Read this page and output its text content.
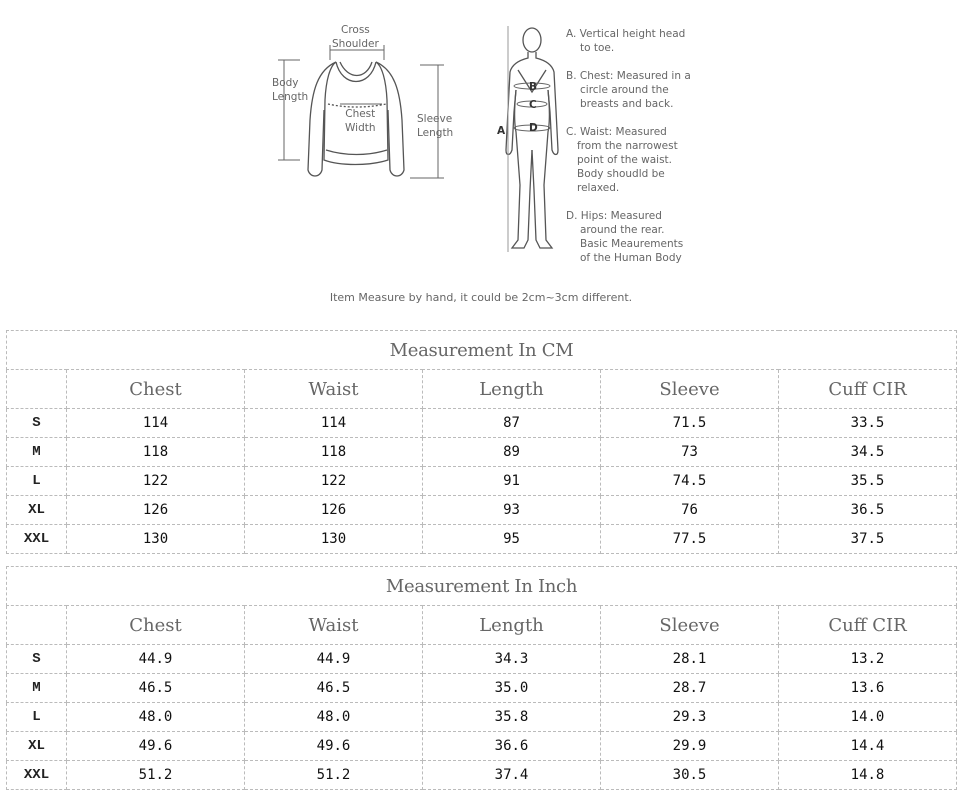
Cross
Shoulder
Body
Length
Chest
Width
Sleeve
Length	A
B
C
D
A. Vertical height head
to toe.
B. Chest: Measured in a
circle around the
breasts and back.
C. Waist: Measured
from the narrowest
point of the waist.
Body shoudld be
relaxed.
D. Hips: Measured
around the rear.
Basic Meaurements
of the Human Body
Item Measure by hand, it could be 2cm~3cm different.
Measurement In CM					
	Chest	Waist	Length	Sleeve	Cuff CIR
S	114	114	87	71.5	33.5
M	118	118	89	73	34.5
L	122	122	91	74.5	35.5
XL	126	126	93	76	36.5
XXL	130	130	95	77.5	37.5
Measurement In Inch					
	Chest	Waist	Length	Sleeve	Cuff CIR
S	44.9	44.9	34.3	28.1	13.2
M	46.5	46.5	35.0	28.7	13.6
L	48.0	48.0	35.8	29.3	14.0
XL	49.6	49.6	36.6	29.9	14.4
XXL	51.2	51.2	37.4	30.5	14.8
